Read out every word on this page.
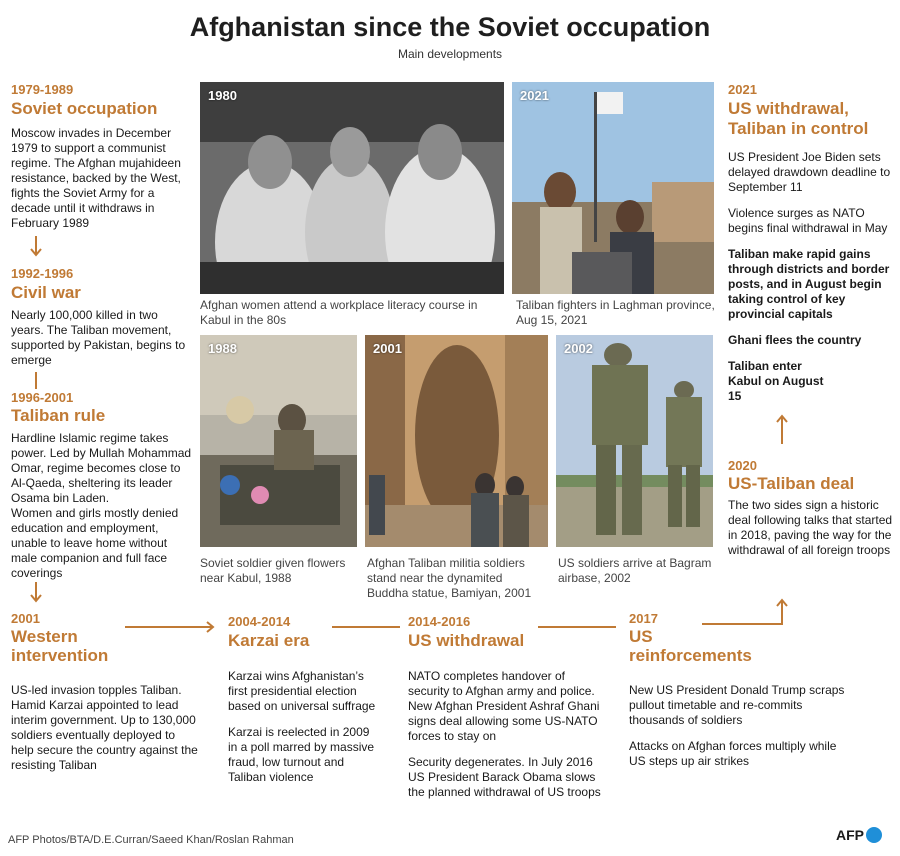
Afghanistan since the Soviet occupation
Main developments
1979-1989
Soviet occupation
Moscow invades in December 1979 to support a communist regime. The Afghan mujahideen resistance, backed by the West, fights the Soviet Army for a decade until it withdraws in February 1989
1992-1996
Civil war
Nearly 100,000 killed in two years. The Taliban movement, supported by Pakistan, begins to emerge
1996-2001
Taliban rule
Hardline Islamic regime takes power. Led by Mullah Mohammad Omar, regime becomes close to Al-Qaeda, sheltering its leader Osama bin Laden.
Women and girls mostly denied education and employment, unable to leave home without male companion and full face coverings
2001
Western
intervention
US-led invasion topples Taliban. Hamid Karzai appointed to lead interim government. Up to 130,000 soldiers eventually deployed to help secure the country against the resisting Taliban
2004-2014
Karzai era

Karzai wins Afghanistan’s first presidential election based on universal suffrage

Karzai is reelected in 2009 in a poll marred by massive fraud, low turnout and Taliban violence

2014-2016
US withdrawal

NATO completes handover of security to Afghan army and police. New Afghan President Ashraf Ghani signs deal allowing some US-NATO forces to stay on

Security degenerates. In July 2016 US President Barack Obama slows the planned withdrawal of US troops

2017
US
reinforcements

New US President Donald Trump scraps pullout timetable and re-commits thousands of soldiers

Attacks on Afghan forces multiply while US steps up air strikes

2020
US-Taliban deal
The two sides sign a historic deal following talks that started in 2018, paving the way for the withdrawal of all foreign troops
2021
US withdrawal,
Taliban in control

US President Joe Biden sets delayed drawdown deadline to September 11

Violence surges as NATO begins final withdrawal in May

Taliban make rapid gains through districts and border posts, and in August begin taking control of key provincial capitals

Ghani flees the country

Taliban enter Kabul on August 15

1980
Afghan women attend a workplace literacy course in Kabul in the 80s
2021
Taliban fighters in Laghman province, Aug 15, 2021
1988
Soviet soldier given flowers near Kabul, 1988
2001
Afghan Taliban militia soldiers stand near the dynamited Buddha statue, Bamiyan, 2001
2002
US soldiers arrive at Bagram airbase, 2002
AFP Photos/BTA/D.E.Curran/Saeed Khan/Roslan Rahman	AFP
